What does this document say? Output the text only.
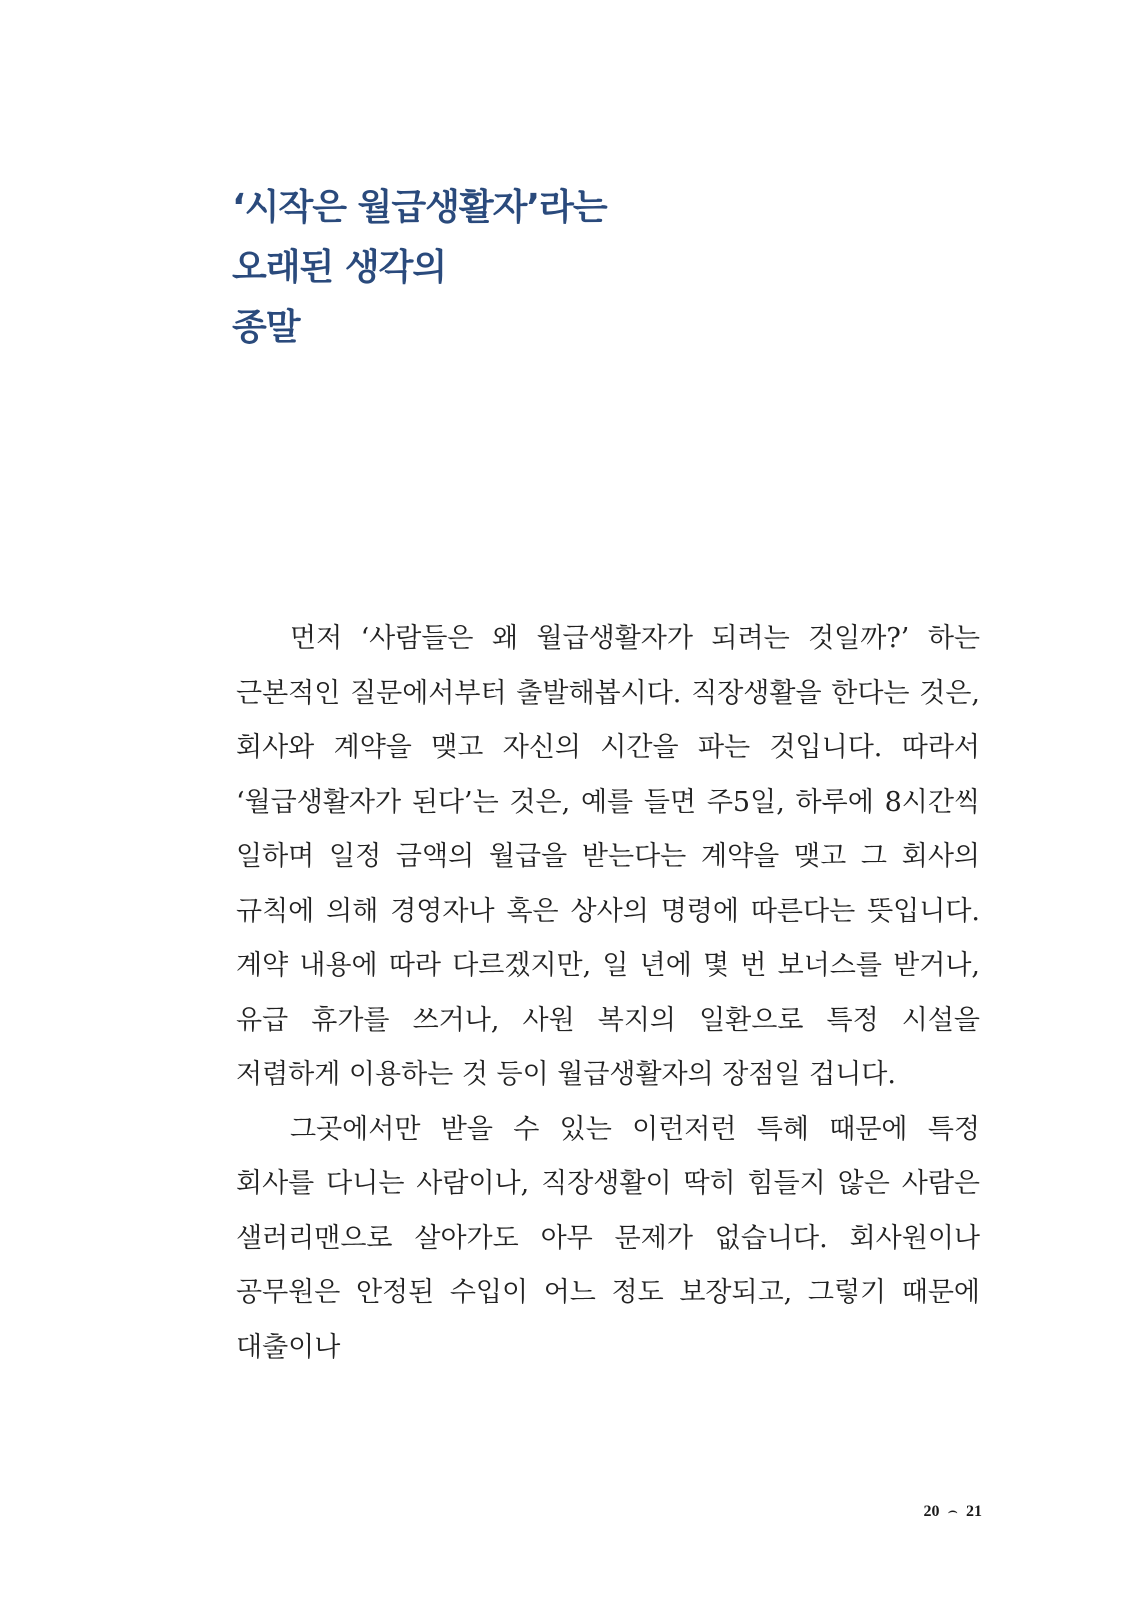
‘시작은 월급생활자’라는
오래된 생각의
종말

먼저 ‘사람들은 왜 월급생활자가 되려는 것일까?’ 하는 근본적인 질문에서부터 출발해봅시다. 직장생활을 한다는 것은, 회사와 계약을 맺고 자신의 시간을 파는 것입니다. 따라서 ‘월급생활자가 된다’는 것은, 예를 들면 주5일, 하루에 8시간씩 일하며 일정 금액의 월급을 받는다는 계약을 맺고 그 회사의 규칙에 의해 경영자나 혹은 상사의 명령에 따른다는 뜻입니다. 계약 내용에 따라 다르겠지만, 일 년에 몇 번 보너스를 받거나, 유급 휴가를 쓰거나, 사원 복지의 일환으로 특정 시설을 저렴하게 이용하는 것 등이 월급생활자의 장점일 겁니다.

그곳에서만 받을 수 있는 이런저런 특혜 때문에 특정 회사를 다니는 사람이나, 직장생활이 딱히 힘들지 않은 사람은 샐러리맨으로 살아가도 아무 문제가 없습니다. 회사원이나 공무원은 안정된 수입이 어느 정도 보장되고, 그렇기 때문에 대출이나

20 ⌢ 21
